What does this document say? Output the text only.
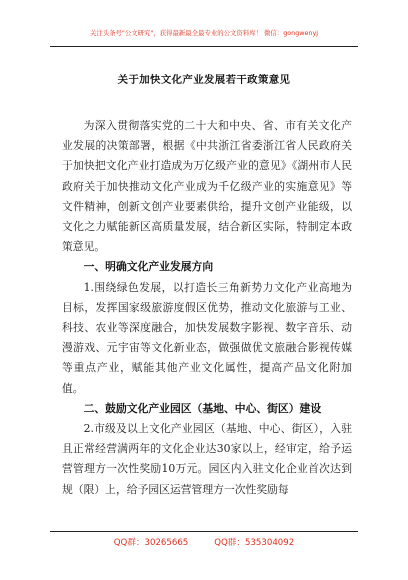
关注头条号"公文研究"，获得最新最全最专业的公文资料库！ 微信：gongwenyj
关于加快文化产业发展若干政策意见

为深入贯彻落实党的二十大和中央、省、市有关文化产业发展的决策部署，根据《中共浙江省委浙江省人民政府关于加快把文化产业打造成为万亿级产业的意见》《湖州市人民政府关于加快推动文化产业成为千亿级产业的实施意见》等文件精神，创新文创产业要素供给，提升文创产业能级，以文化之力赋能新区高质量发展，结合新区实际，特制定本政策意见。

一、明确文化产业发展方向

1.围绕绿色发展，以打造长三角新势力文化产业高地为目标，发挥国家级旅游度假区优势，推动文化旅游与工业、科技、农业等深度融合，加快发展数字影视、数字音乐、动漫游戏、元宇宙等文化新业态，做强做优文旅融合影视传媒等重点产业，赋能其他产业文化属性，提高产品文化附加值。

二、鼓励文化产业园区（基地、中心、街区）建设

2.市级及以上文化产业园区（基地、中心、街区），入驻且正常经营满两年的文化企业达30家以上，经审定，给予运营管理方一次性奖励10万元。园区内入驻文化企业首次达到规（限）上，给予园区运营管理方一次性奖励每

QQ群：30265665	QQ群：535304092
